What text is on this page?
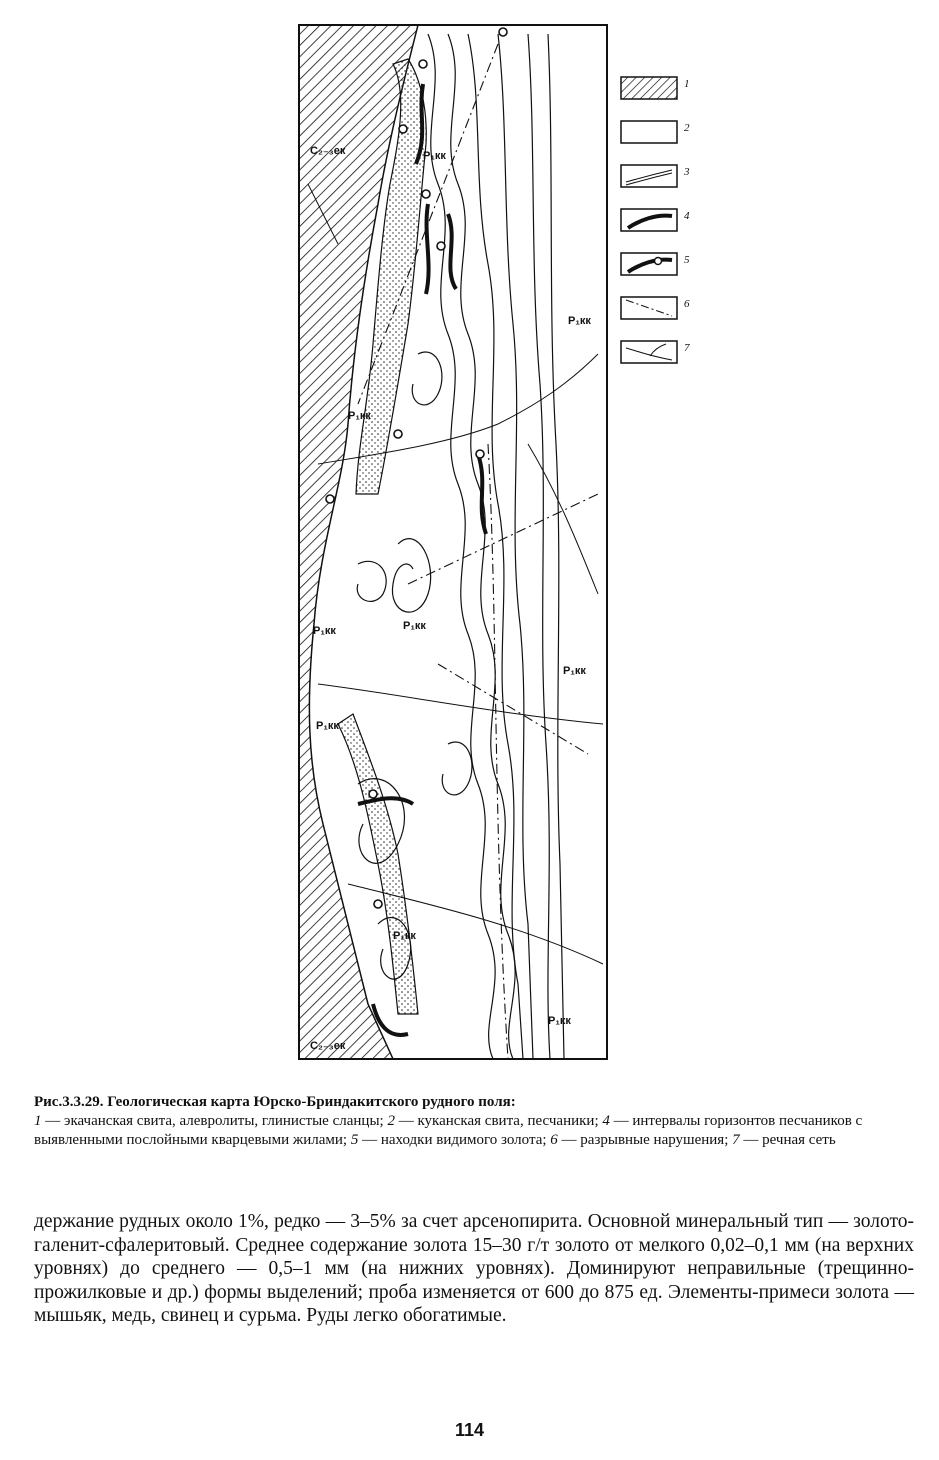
C₂₋₃ек
C₂₋₃ек
P₁кк
P₁кк
P₁кк
P₁кк	P₁кк
P₁кк
P₁кк
P₁кк
P₁кк
1
2
3
4
5
6
7
Рис.3.3.29. Геологическая карта Юрско-Бриндакитского рудного поля:
1 — экачанская свита, алевролиты, глинистые сланцы; 2 — куканская свита, песчаники; 4 — интервалы горизонтов песчаников с выявленными послойными кварцевыми жилами; 5 — находки видимого золота; 6 — разрывные нарушения; 7 — речная сеть
держание рудных около 1%, редко — 3–5% за счет арсенопирита. Основной минеральный тип — золото-галенит-сфалеритовый. Среднее содержание золота 15–30 г/т золото от мелкого 0,02–0,1 мм (на верхних уровнях) до среднего — 0,5–1 мм (на нижних уровнях). Доминируют неправильные (трещинно-прожилковые и др.) формы выделений; проба изменяется от 600 до 875 ед. Элементы-примеси золота — мышьяк, медь, свинец и сурьма. Руды легко обогатимые.
114
